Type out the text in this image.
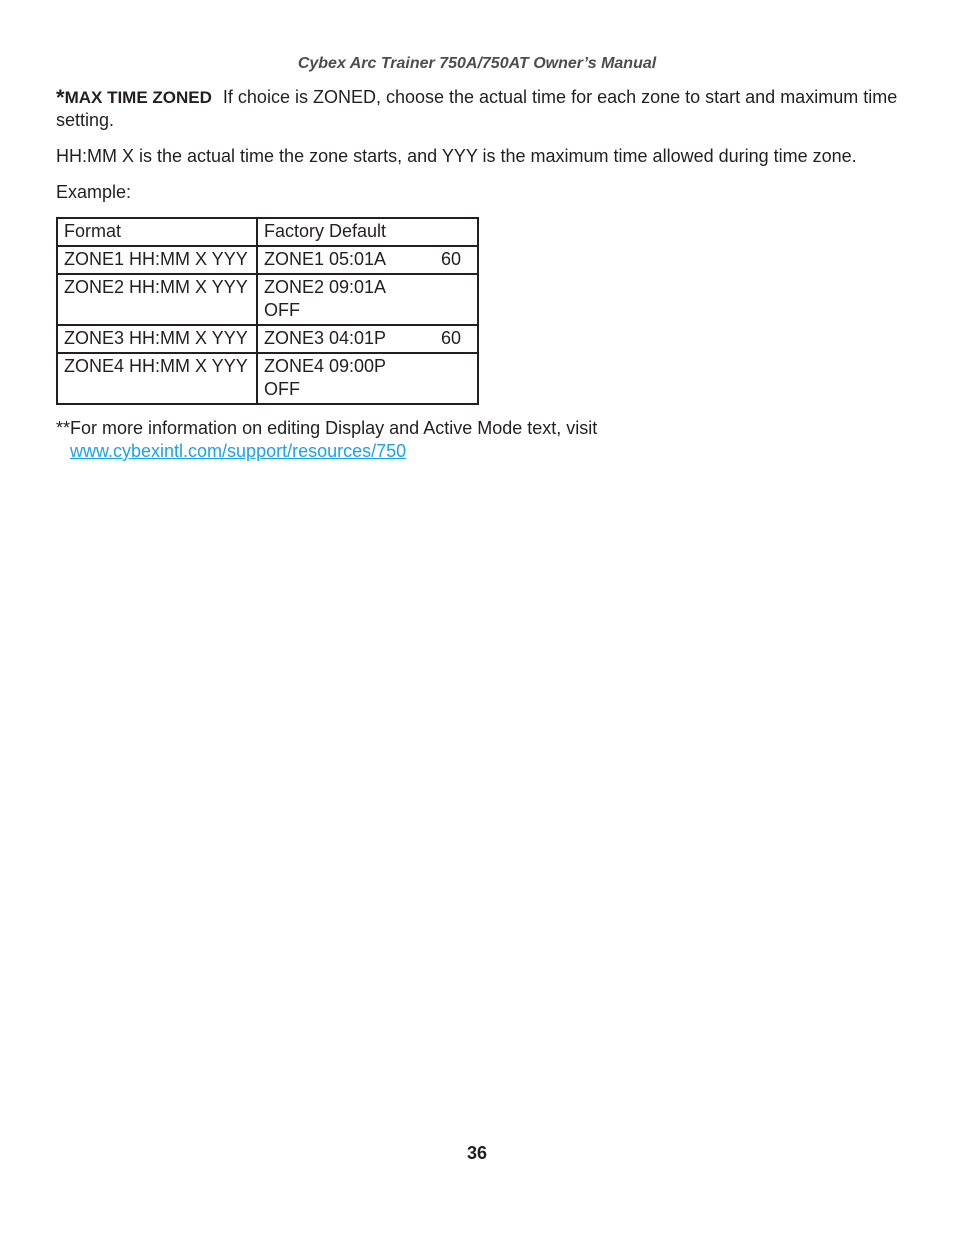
Cybex Arc Trainer 750A/750AT Owner’s Manual

*MAX TIME ZONED If choice is ZONED, choose the actual time for each zone to start and maximum time setting.

HH:MM X is the actual time the zone starts, and YYY is the maximum time allowed during time zone.

Example:

Format	Factory Default
ZONE1 HH:MM X YYY	ZONE1 05:01A 60
ZONE2 HH:MM X YYY	ZONE2 09:01A
OFF

ZONE3 HH:MM X YYY	ZONE3 04:01P 60
ZONE4 HH:MM X YYY	ZONE4 09:00P
OFF

**For more information on editing Display and Active Mode text, visit www.cybexintl.com/support/resources/750

36
